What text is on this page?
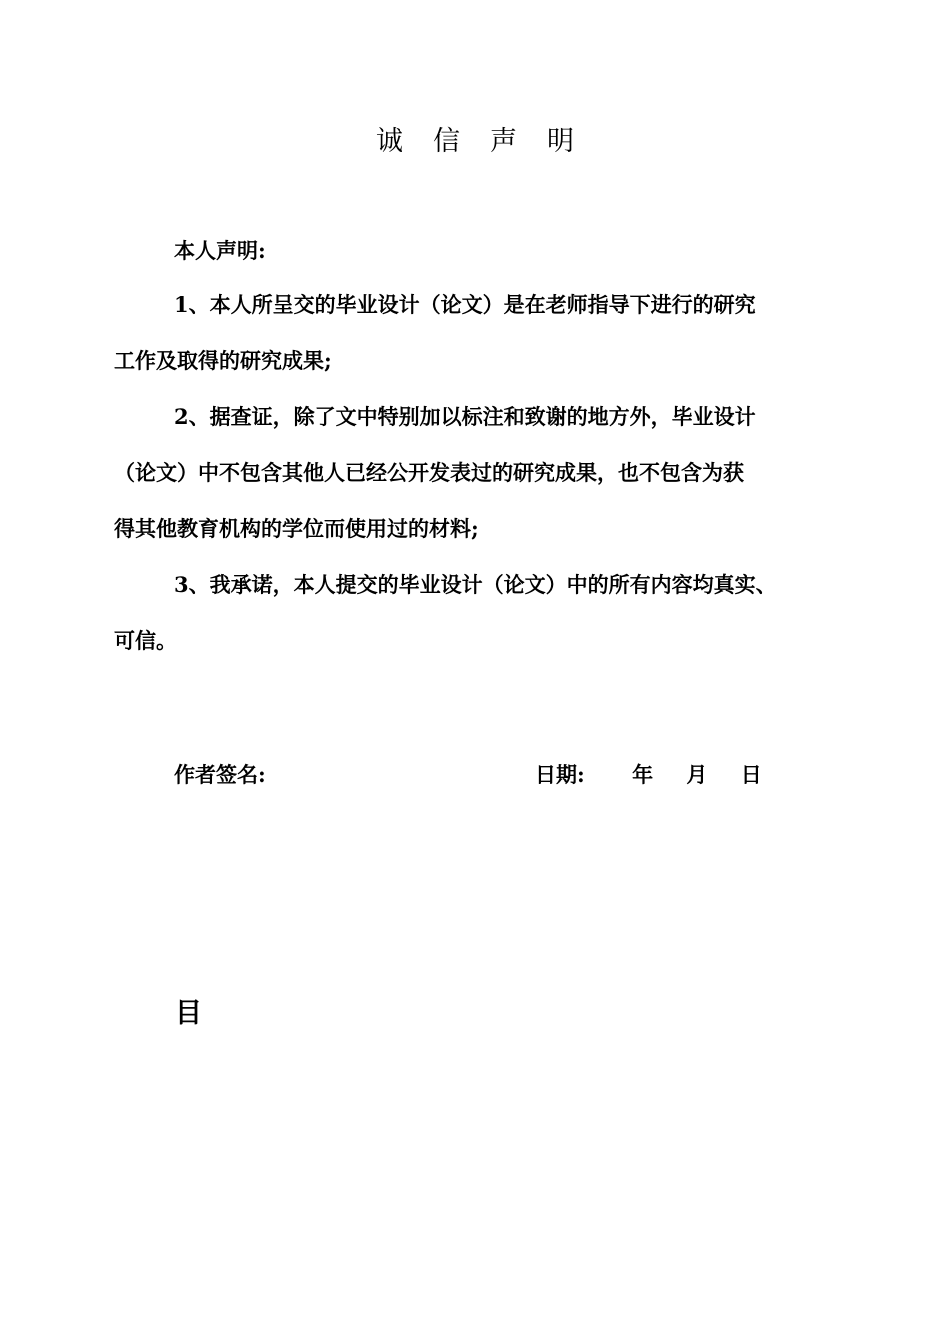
诚信声明
本人声明:
1、本人所呈交的毕业设计（论文）是在老师指导下进行的研究
工作及取得的研究成果;
2、据查证，除了文中特别加以标注和致谢的地方外，毕业设计
（论文）中不包含其他人已经公开发表过的研究成果，也不包含为获
得其他教育机构的学位而使用过的材料;
3、我承诺，本人提交的毕业设计（论文）中的所有内容均真实、
可信。
作者签名:	日期: 年 月 日
目
